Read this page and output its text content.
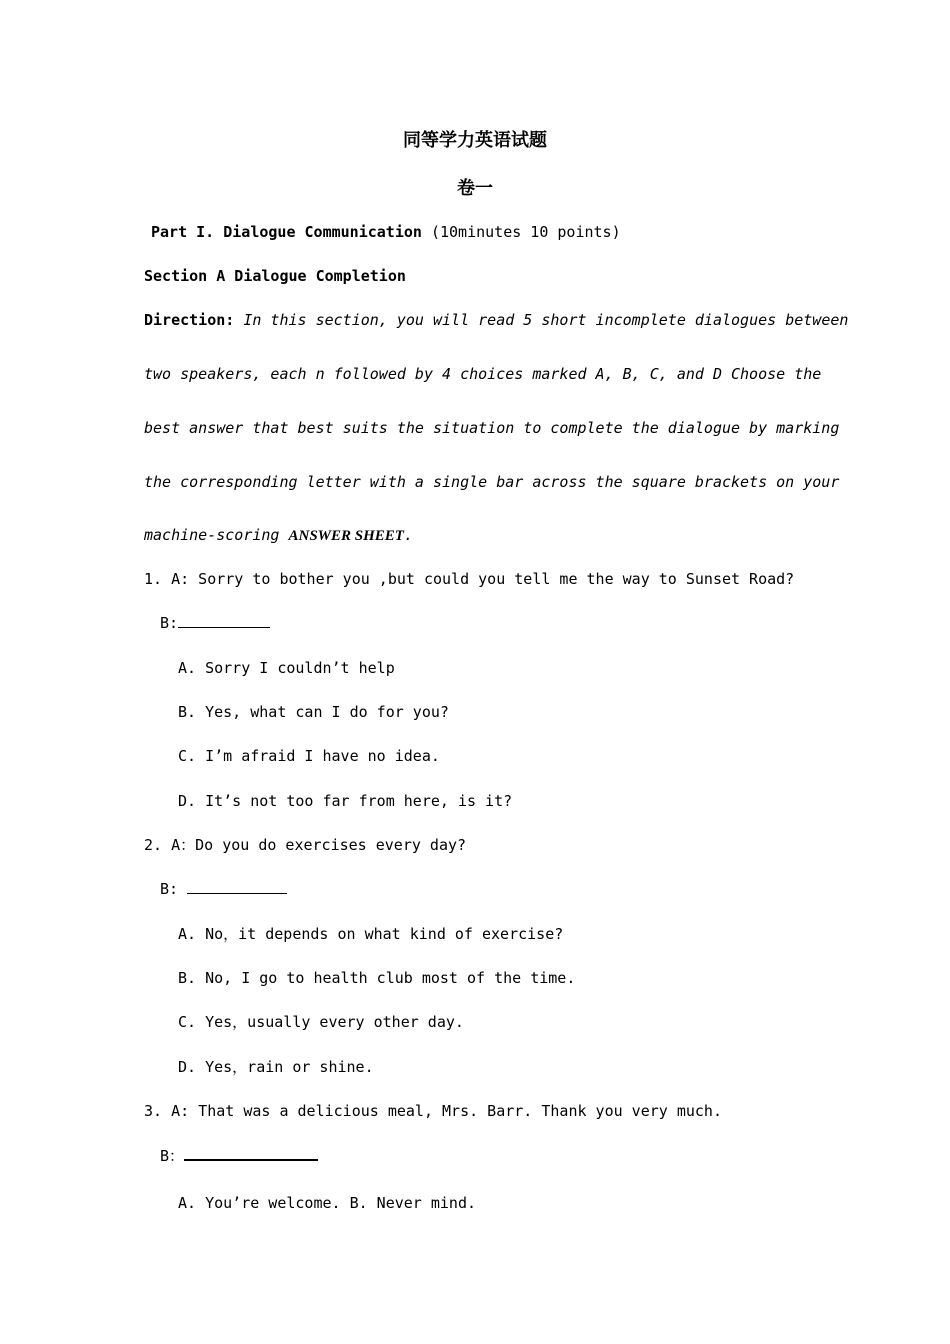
同等学力英语试题
卷一
Part I. Dialogue Communication (10minutes 10 points)
Section A Dialogue Completion
Direction: In this section, you will read 5 short incomplete dialogues between
two speakers, each n followed by 4 choices marked A, B, C, and D Choose the
best answer that best suits the situation to complete the dialogue by marking
the corresponding letter with a single bar across the square brackets on your
machine-scoring ANSWER SHEET.
1. A: Sorry to bother you ,but could you tell me the way to Sunset Road?
B:
A. Sorry I couldn’t help
B. Yes, what can I do for you?
C. I’m afraid I have no idea.
D. It’s not too far from here, is it?
2. A：Do you do exercises every day?
B:
A. No，it depends on what kind of exercise?
B. No, I go to health club most of the time.
C. Yes，usually every other day.
D. Yes，rain or shine.
3. A: That was a delicious meal, Mrs. Barr. Thank you very much.
B：
A. You’re welcome. B. Never mind.
